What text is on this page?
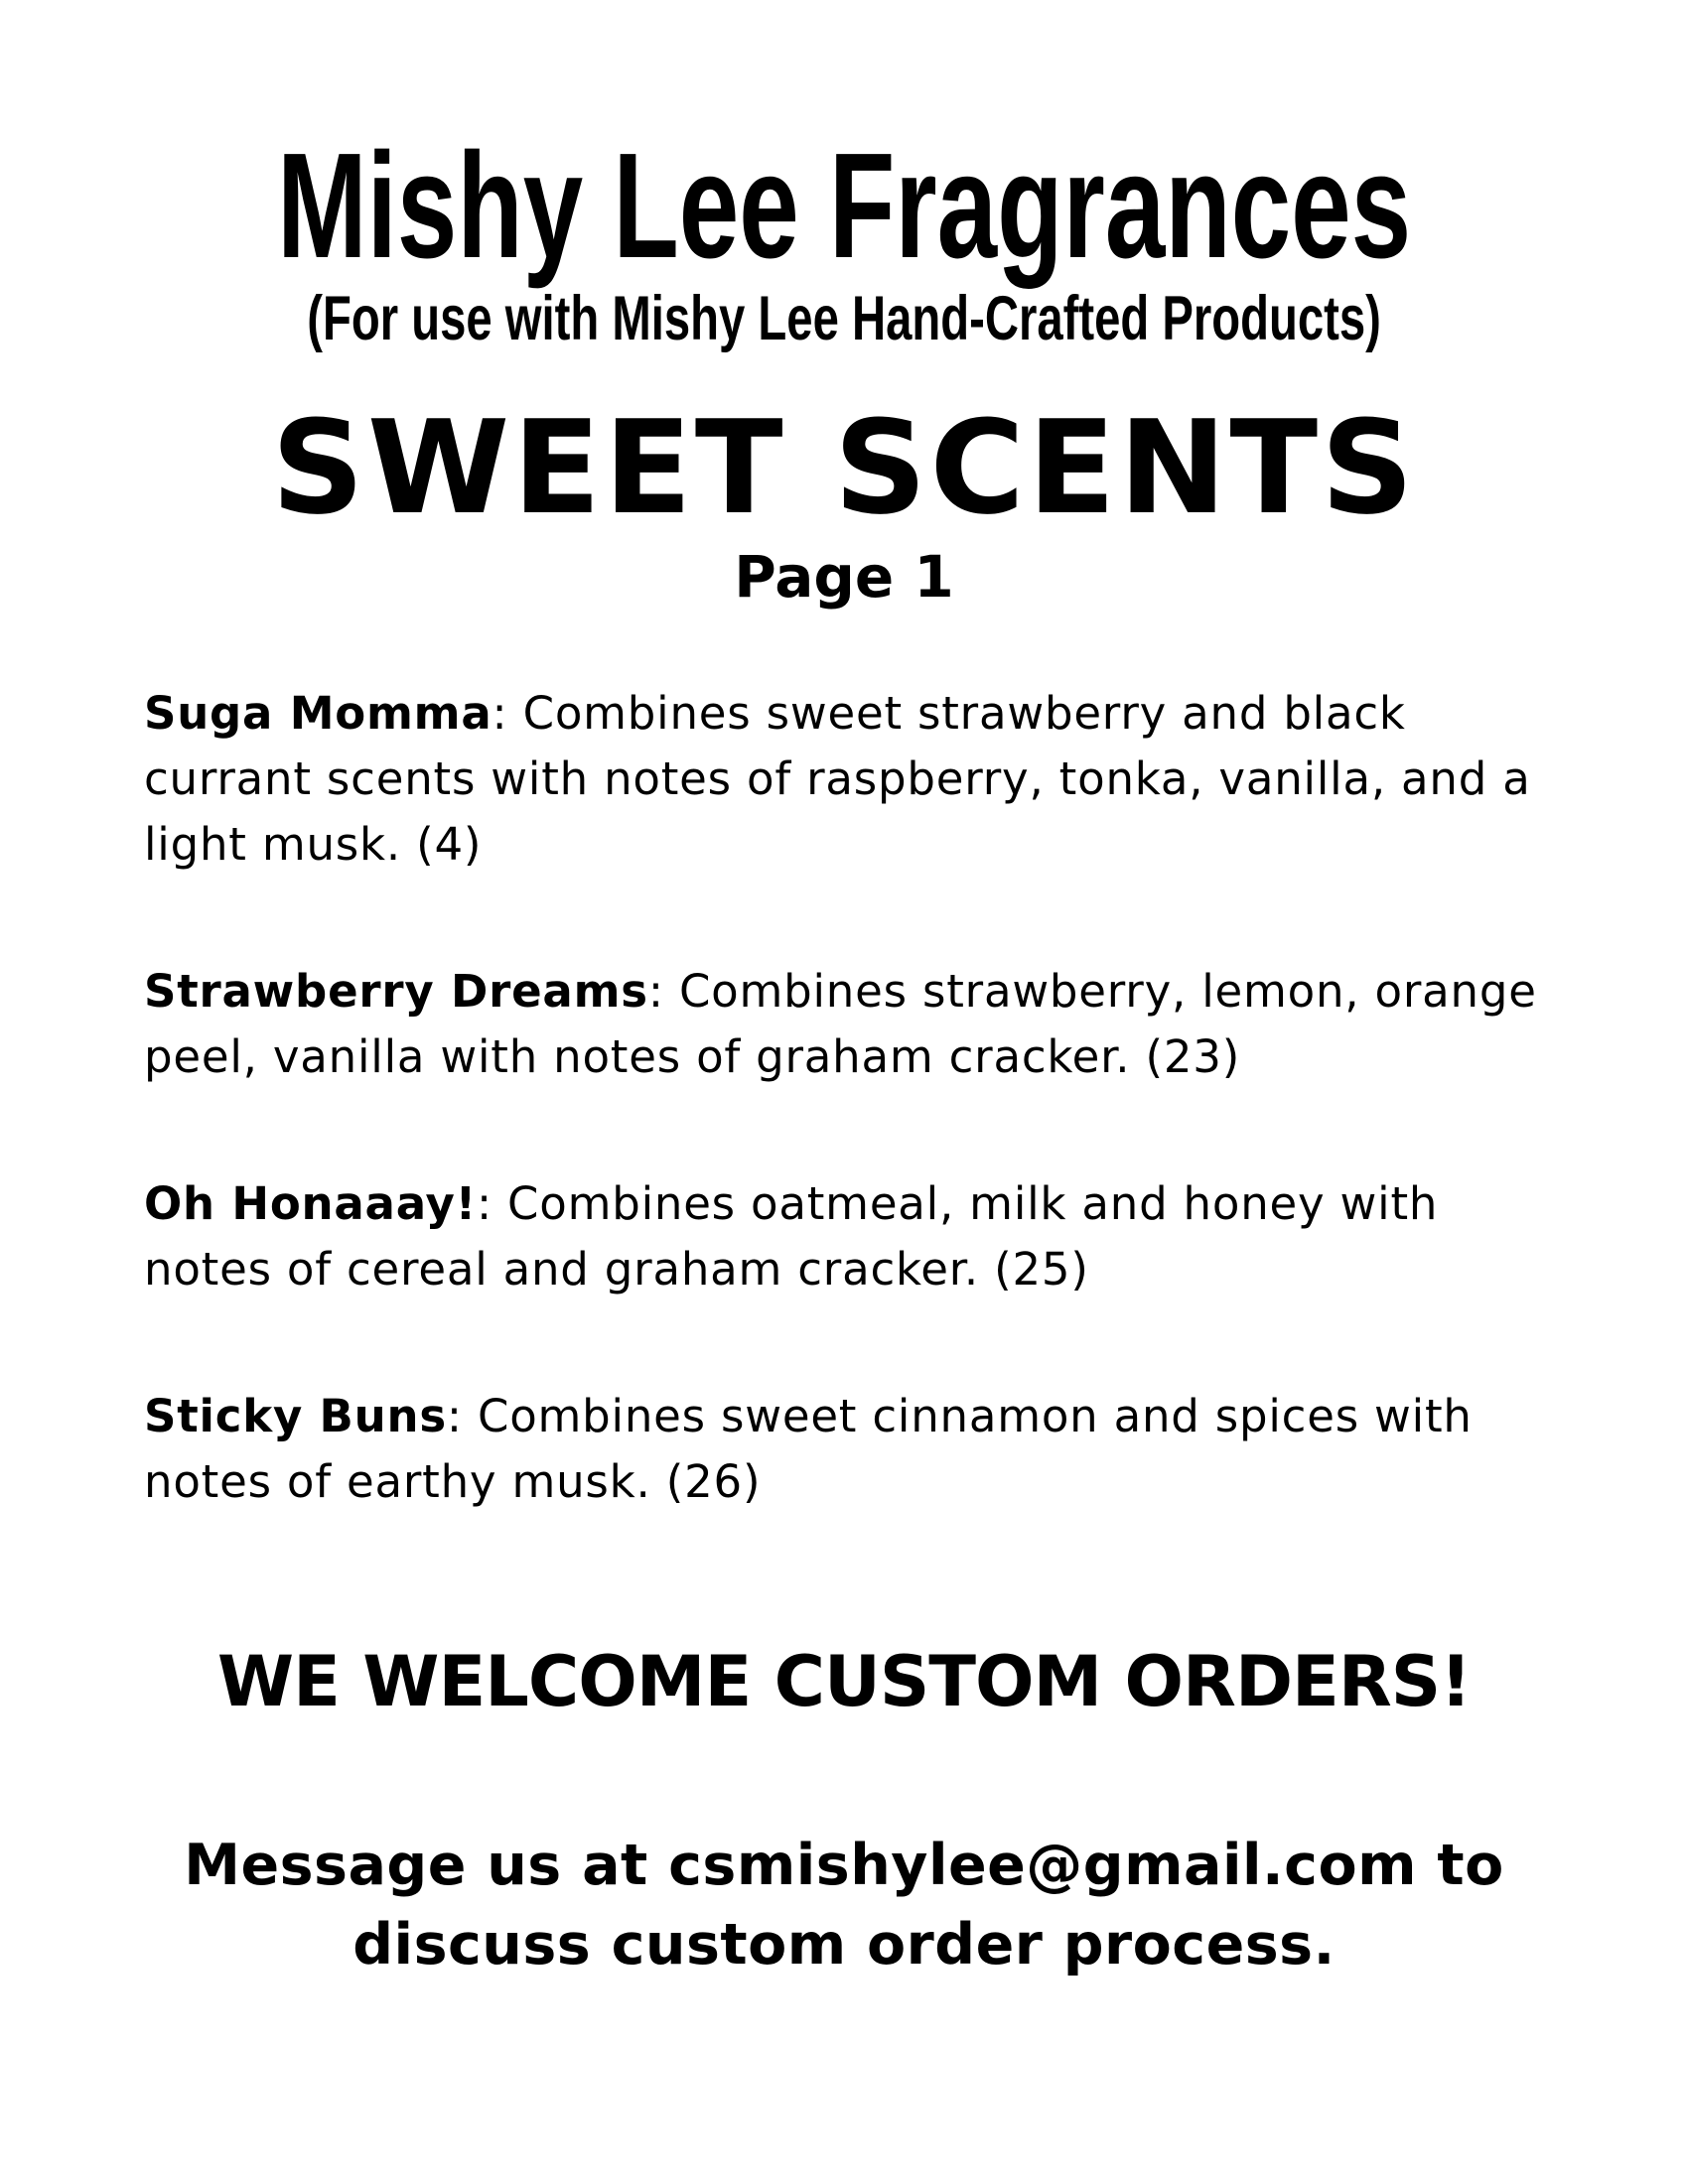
Mishy Lee Fragrances
(For use with Mishy Lee Hand-Crafted Products)
SWEET SCENTS
Page 1

Suga Momma: Combines sweet strawberry and black currant scents with notes of raspberry, tonka, vanilla, and a light musk. (4)

Strawberry Dreams: Combines strawberry, lemon, orange peel, vanilla with notes of graham cracker. (23)

Oh Honaaay!: Combines oatmeal, milk and honey with notes of cereal and graham cracker. (25)

Sticky Buns: Combines sweet cinnamon and spices with notes of earthy musk. (26)

WE WELCOME CUSTOM ORDERS!
Message us at csmishylee@gmail.com to
discuss custom order process.
